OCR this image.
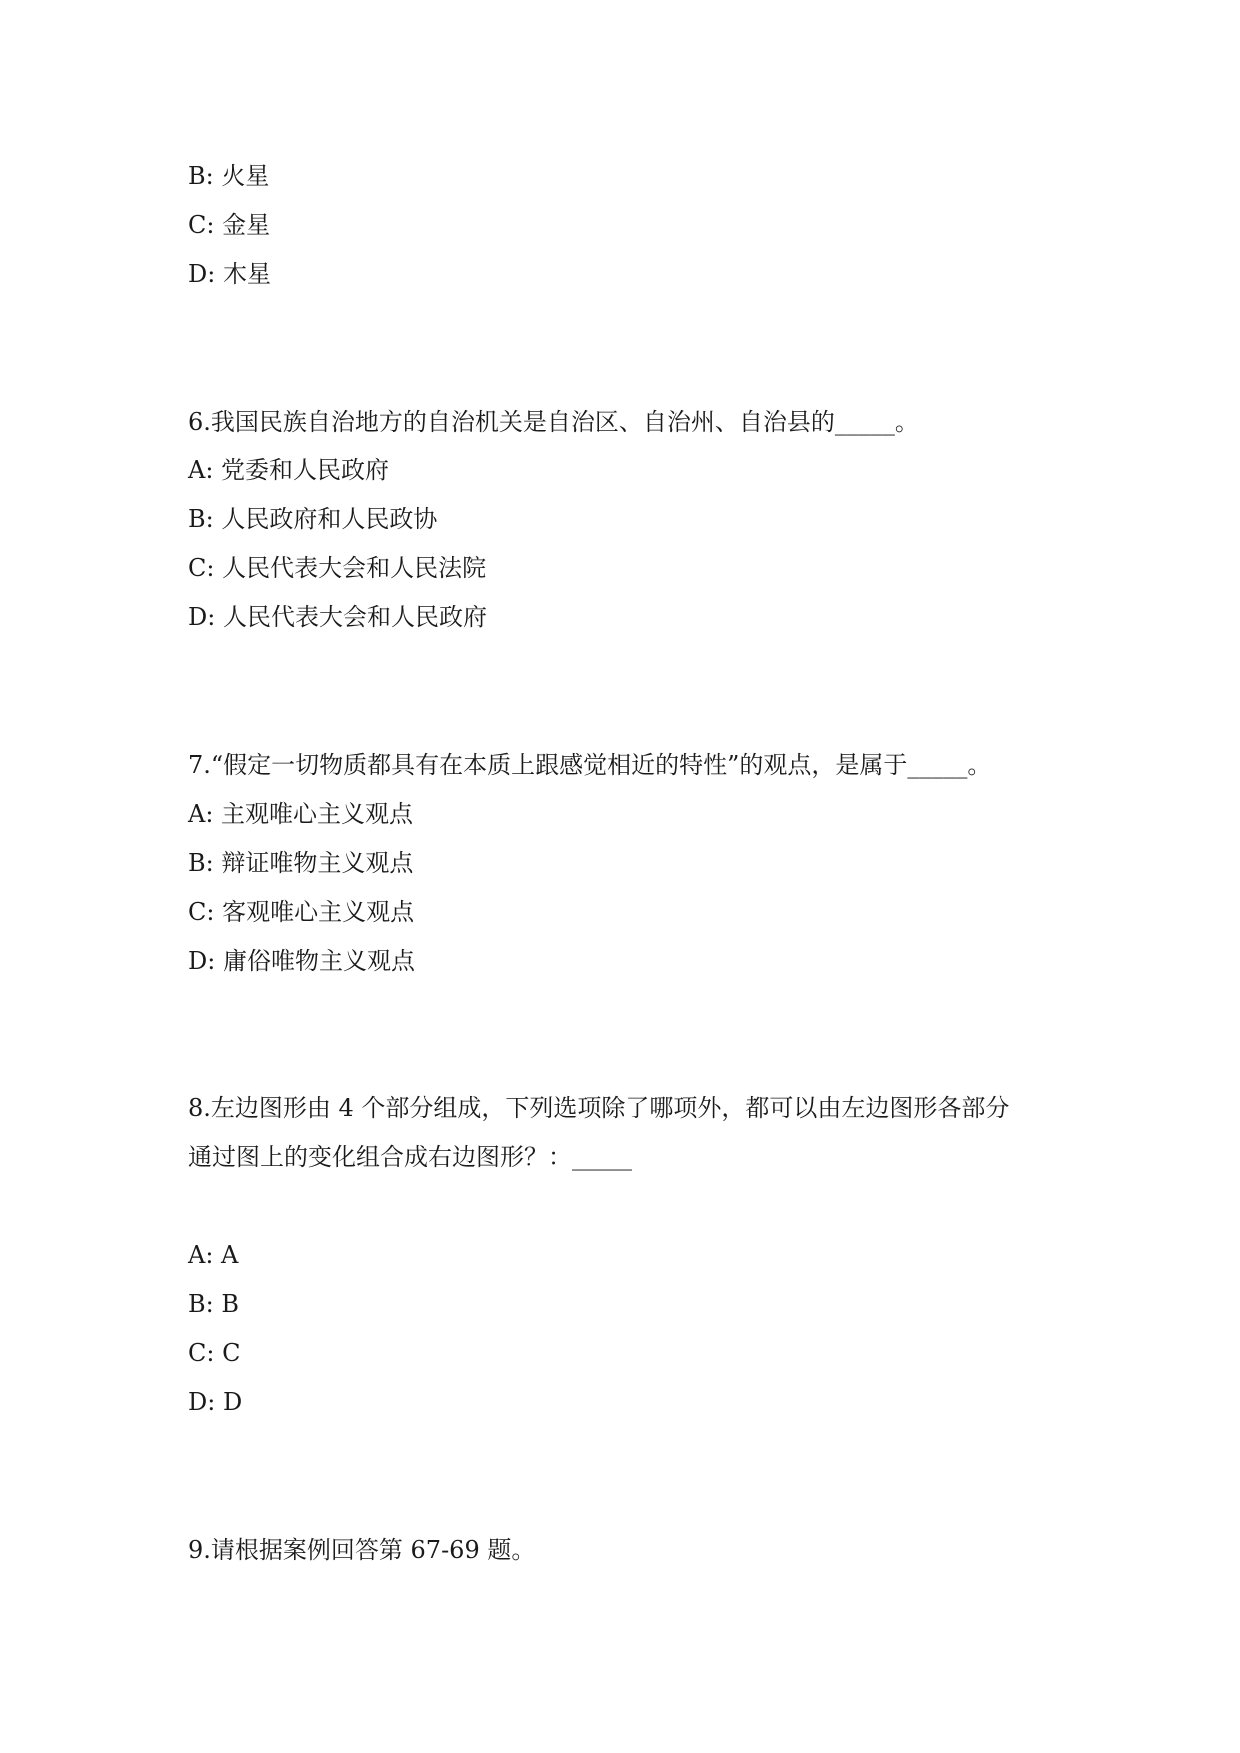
B: 火星
C: 金星
D: 木星
6.我国民族自治地方的自治机关是自治区、自治州、自治县的_____。
A: 党委和人民政府
B: 人民政府和人民政协
C: 人民代表大会和人民法院
D: 人民代表大会和人民政府
7.“假定一切物质都具有在本质上跟感觉相近的特性”的观点，是属于_____。
A: 主观唯心主义观点
B: 辩证唯物主义观点
C: 客观唯心主义观点
D: 庸俗唯物主义观点
8.左边图形由 4 个部分组成，下列选项除了哪项外，都可以由左边图形各部分
通过图上的变化组合成右边图形？：_____
A: A
B: B
C: C
D: D
9.请根据案例回答第 67-69 题。
